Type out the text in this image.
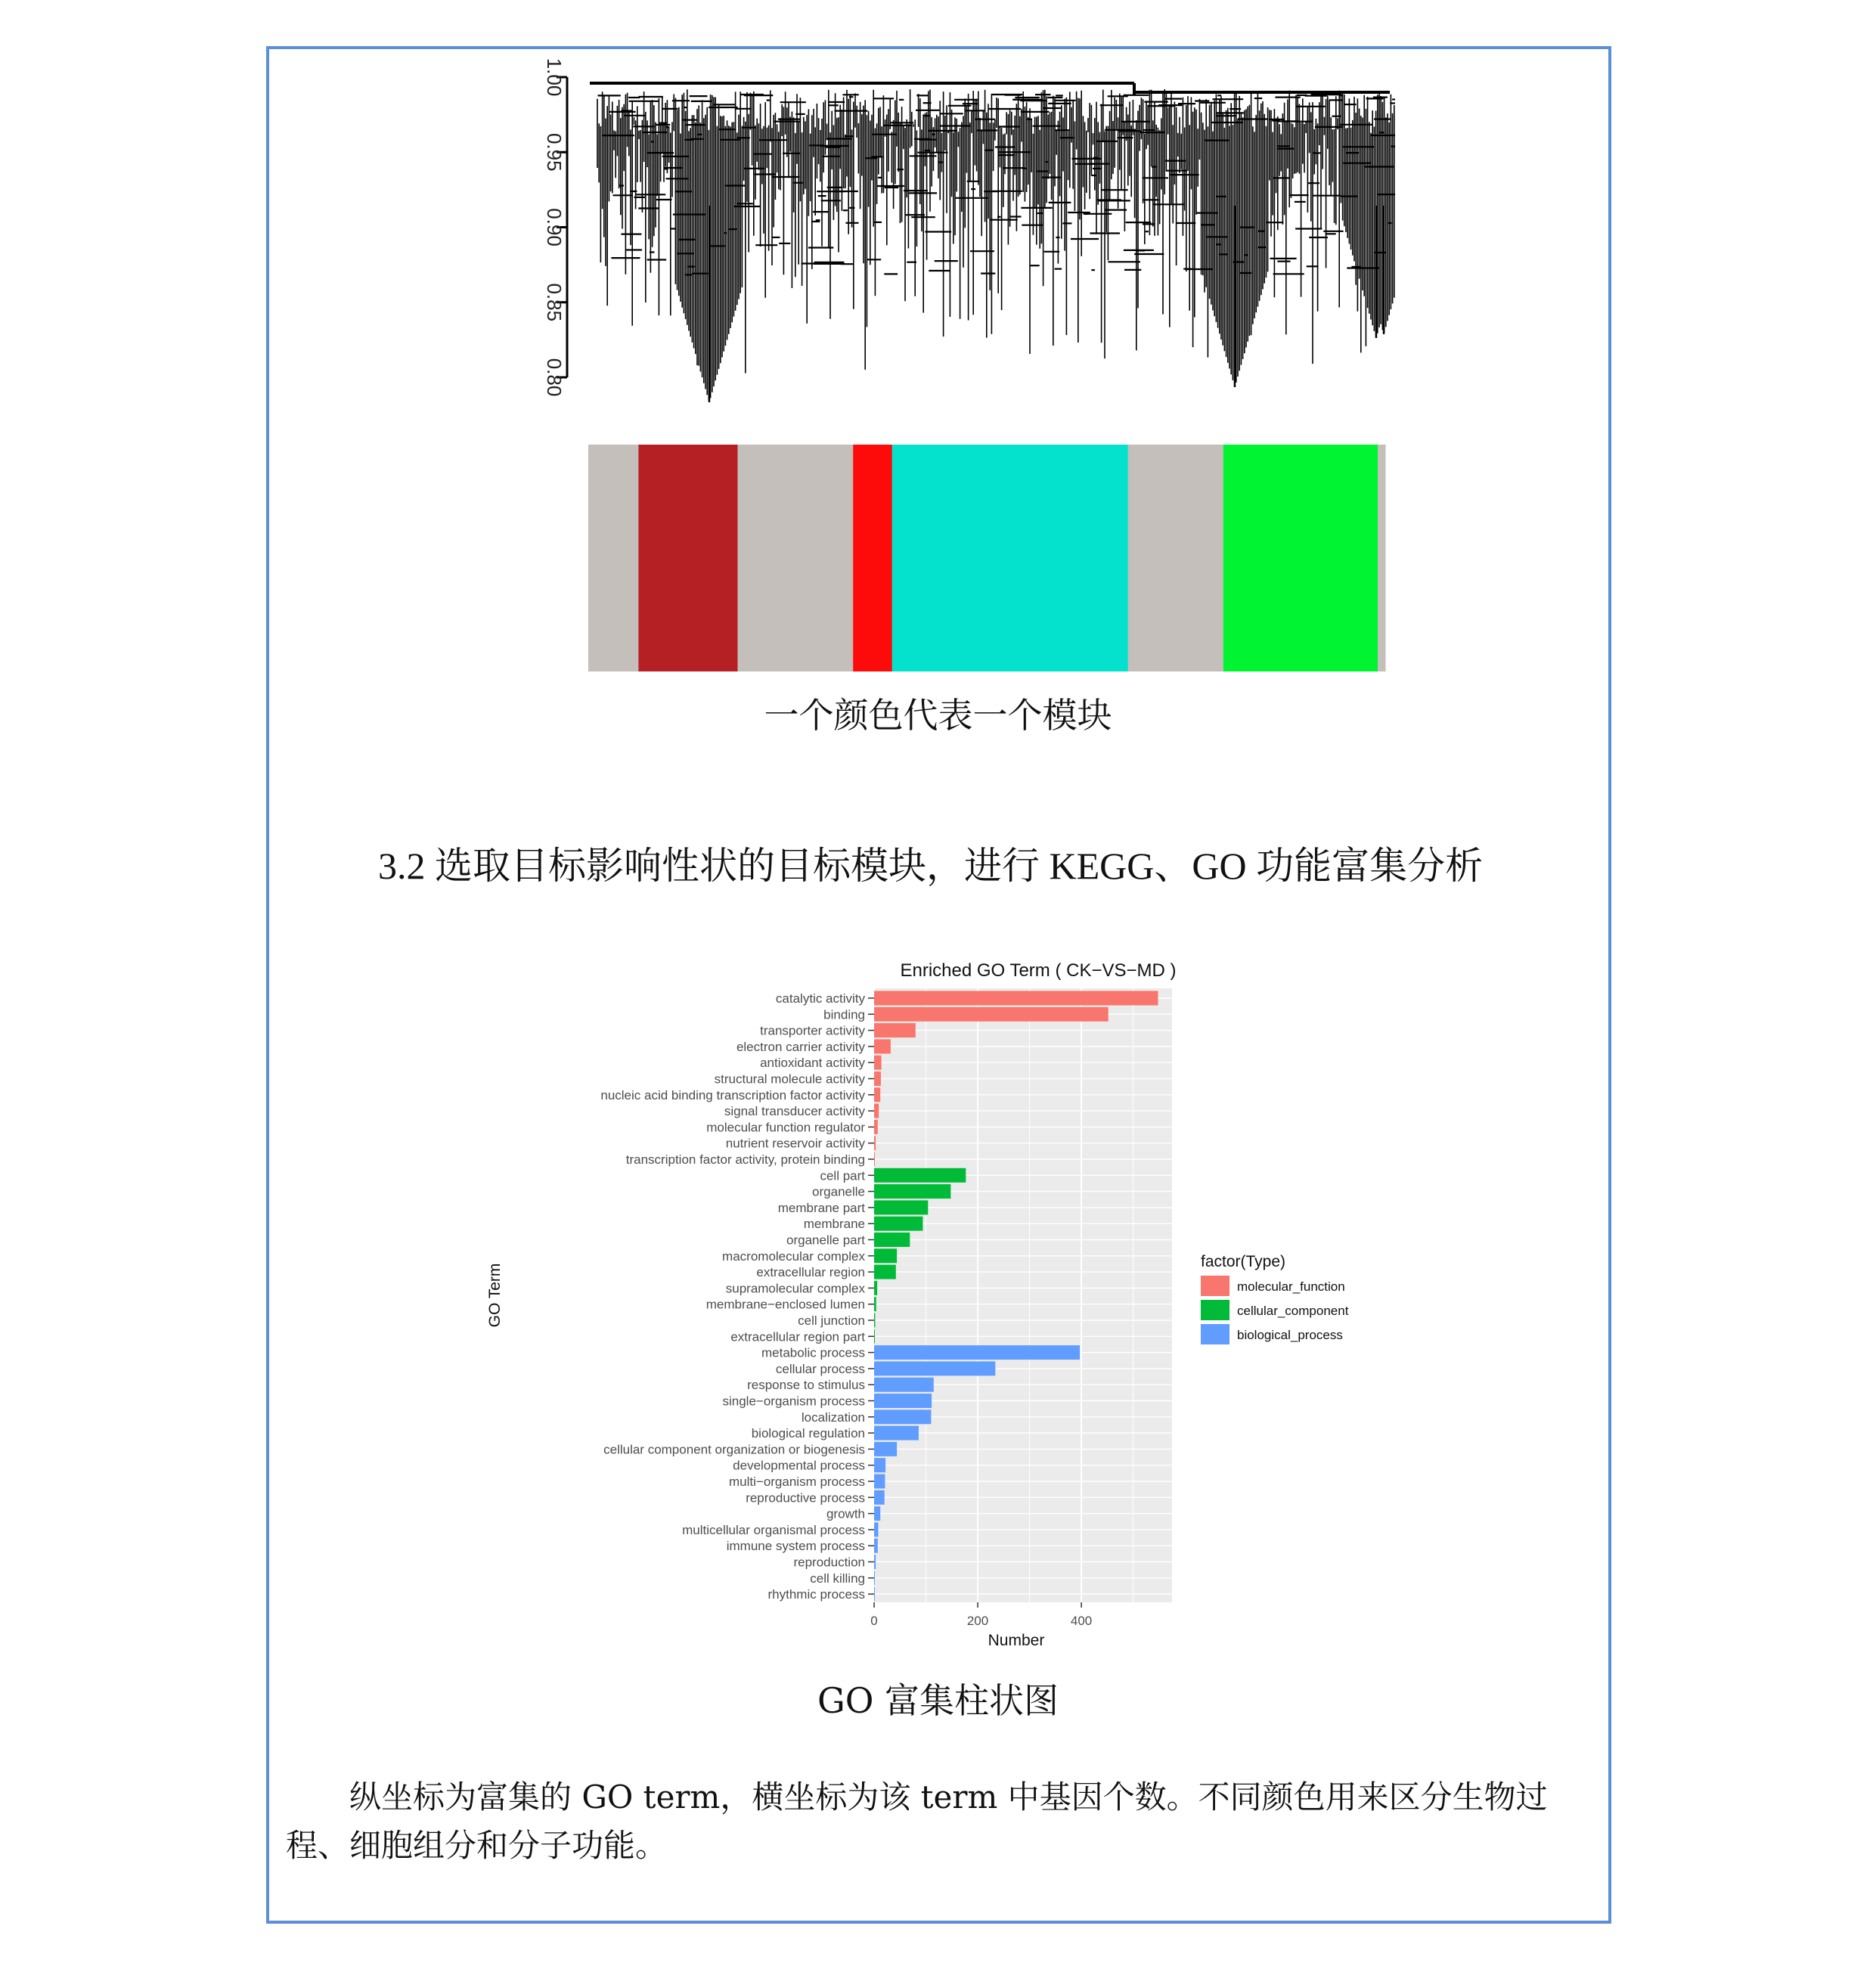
0.80
0.85
0.90
0.95
1.00
一个颜色代表一个模块
3.2 选取目标影响性状的目标模块，进行 KEGG、GO 功能富集分析
Enriched GO Term ( CK−VS−MD )
catalytic activity
binding
transporter activity
electron carrier activity
antioxidant activity
structural molecule activity
nucleic acid binding transcription factor activity
signal transducer activity
molecular function regulator
nutrient reservoir activity
transcription factor activity, protein binding
cell part
organelle
membrane part
membrane
organelle part
macromolecular complex
extracellular region
supramolecular complex
membrane−enclosed lumen
cell junction
extracellular region part
metabolic process
cellular process
response to stimulus
single−organism process
localization
biological regulation
cellular component organization or biogenesis
developmental process
multi−organism process
reproductive process
growth
multicellular organismal process
immune system process
reproduction
cell killing
rhythmic process
0	200	400
Number
GO Term
factor(Type)
molecular_function
cellular_component
biological_process
GO 富集柱状图
纵坐标为富集的 GO term，横坐标为该 term 中基因个数。不同颜色用来区分生物过程、细胞组分和分子功能。
